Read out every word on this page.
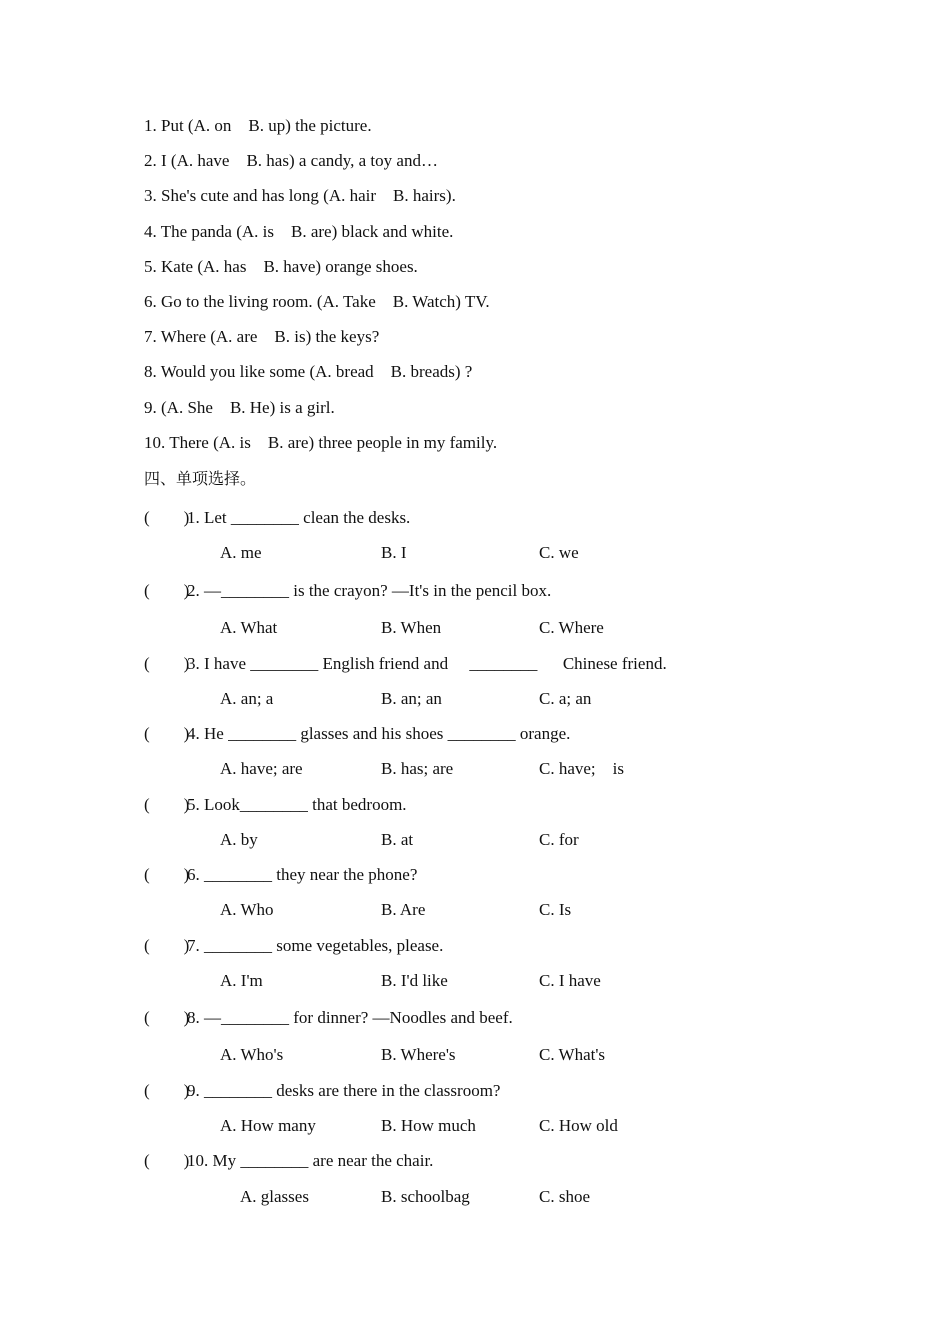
1. Put (A. on    B. up) the picture.
2. I (A. have    B. has) a candy, a toy and…
3. She's cute and has long (A. hair    B. hairs).
4. The panda (A. is    B. are) black and white.
5. Kate (A. has    B. have) orange shoes.
6. Go to the living room. (A. Take    B. Watch) TV.
7. Where (A. are    B. is) the keys?
8. Would you like some (A. bread    B. breads) ?
9. (A. She    B. He) is a girl.
10. There (A. is    B. are) three people in my family.
四、单项选择。
(        )
1. Let ________ clean the desks.
A. me	B. I	C. we
(        )
2. —________ is the crayon? —It's in the pencil box.
A. What	B. When	C. Where
(        )
3. I have ________ English friend and     ________      Chinese friend.
A. an; a	B. an; an	C. a; an
(        )
4. He ________ glasses and his shoes ________ orange.
A. have; are	B. has; are	C. have;    is
(        )
5. Look________ that bedroom.
A. by	B. at	C. for
(        )
6. ________ they near the phone?
A. Who	B. Are	C. Is
(        )
7. ________ some vegetables, please.
A. I'm	B. I'd like	C. I have
(        )
8. —________ for dinner? —Noodles and beef.
A. Who's	B. Where's	C. What's
(        )
9. ________ desks are there in the classroom?
A. How many	B. How much	C. How old
(        )
10. My ________ are near the chair.
A. glasses	B. schoolbag	C. shoe
